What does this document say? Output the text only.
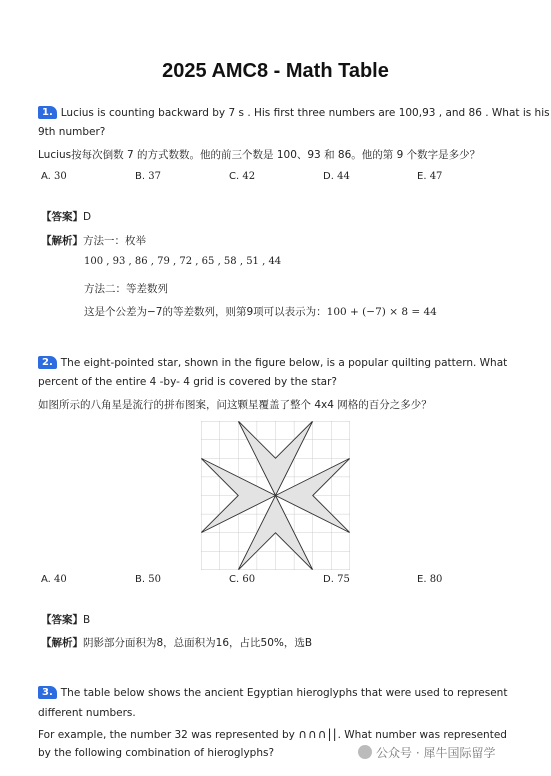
2025 AMC8 - Math Table
1. Lucius is counting backward by 7 s . His first three numbers are 100,93 , and 86 . What is his
9th number?
Lucius按每次倒数 7 的方式数数。他的前三个数是 100、93 和 86。他的第 9 个数字是多少？
A. 30	B. 37	C. 42	D. 44	E. 47
【答案】D
【解析】方法一：枚举
100 , 93 , 86 , 79 , 72 , 65 , 58 , 51 , 44
方法二：等差数列
这是个公差为−7的等差数列，则第9项可以表示为：100 + (−7) × 8 = 44
2. The eight-pointed star, shown in the figure below, is a popular quilting pattern. What
percent of the entire 4 -by- 4 grid is covered by the star?
如图所示的八角星是流行的拼布图案，问这颗星覆盖了整个 4x4 网格的百分之多少？
A. 40	B. 50	C. 60	D. 75	E. 80
【答案】B
【解析】阴影部分面积为8，总面积为16，占比50%，选B
3. The table below shows the ancient Egyptian hieroglyphs that were used to represent
different numbers.
For example, the number 32 was represented by ∩∩∩||. What number was represented
by the following combination of hieroglyphs?	公众号 · 犀牛国际留学
